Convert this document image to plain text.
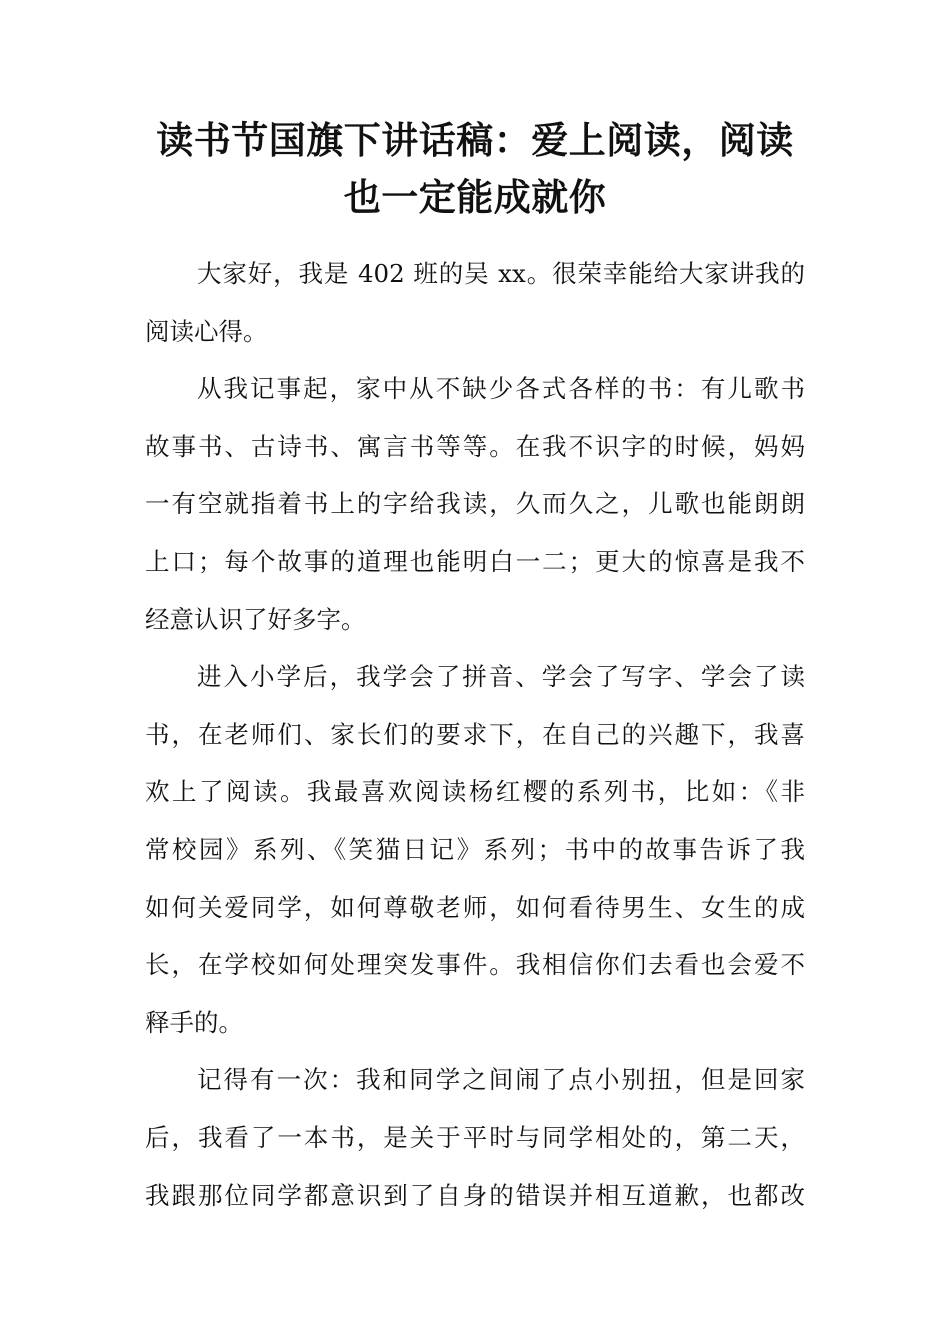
读书节国旗下讲话稿：爱上阅读，阅读
也一定能成就你

大家好，我是 402 班的吴 xx。很荣幸能给大家讲我的
阅读心得。

从我记事起，家中从不缺少各式各样的书：有儿歌书
故事书、古诗书、寓言书等等。在我不识字的时候，妈妈
一有空就指着书上的字给我读，久而久之，儿歌也能朗朗
上口；每个故事的道理也能明白一二；更大的惊喜是我不
经意认识了好多字。

进入小学后，我学会了拼音、学会了写字、学会了读
书，在老师们、家长们的要求下，在自己的兴趣下，我喜
欢上了阅读。我最喜欢阅读杨红樱的系列书，比如：《非
常校园》系列、《笑猫日记》系列；书中的故事告诉了我
如何关爱同学，如何尊敬老师，如何看待男生、女生的成
长，在学校如何处理突发事件。我相信你们去看也会爱不
释手的。

记得有一次：我和同学之间闹了点小别扭，但是回家
后，我看了一本书，是关于平时与同学相处的，第二天，
我跟那位同学都意识到了自身的错误并相互道歉，也都改
